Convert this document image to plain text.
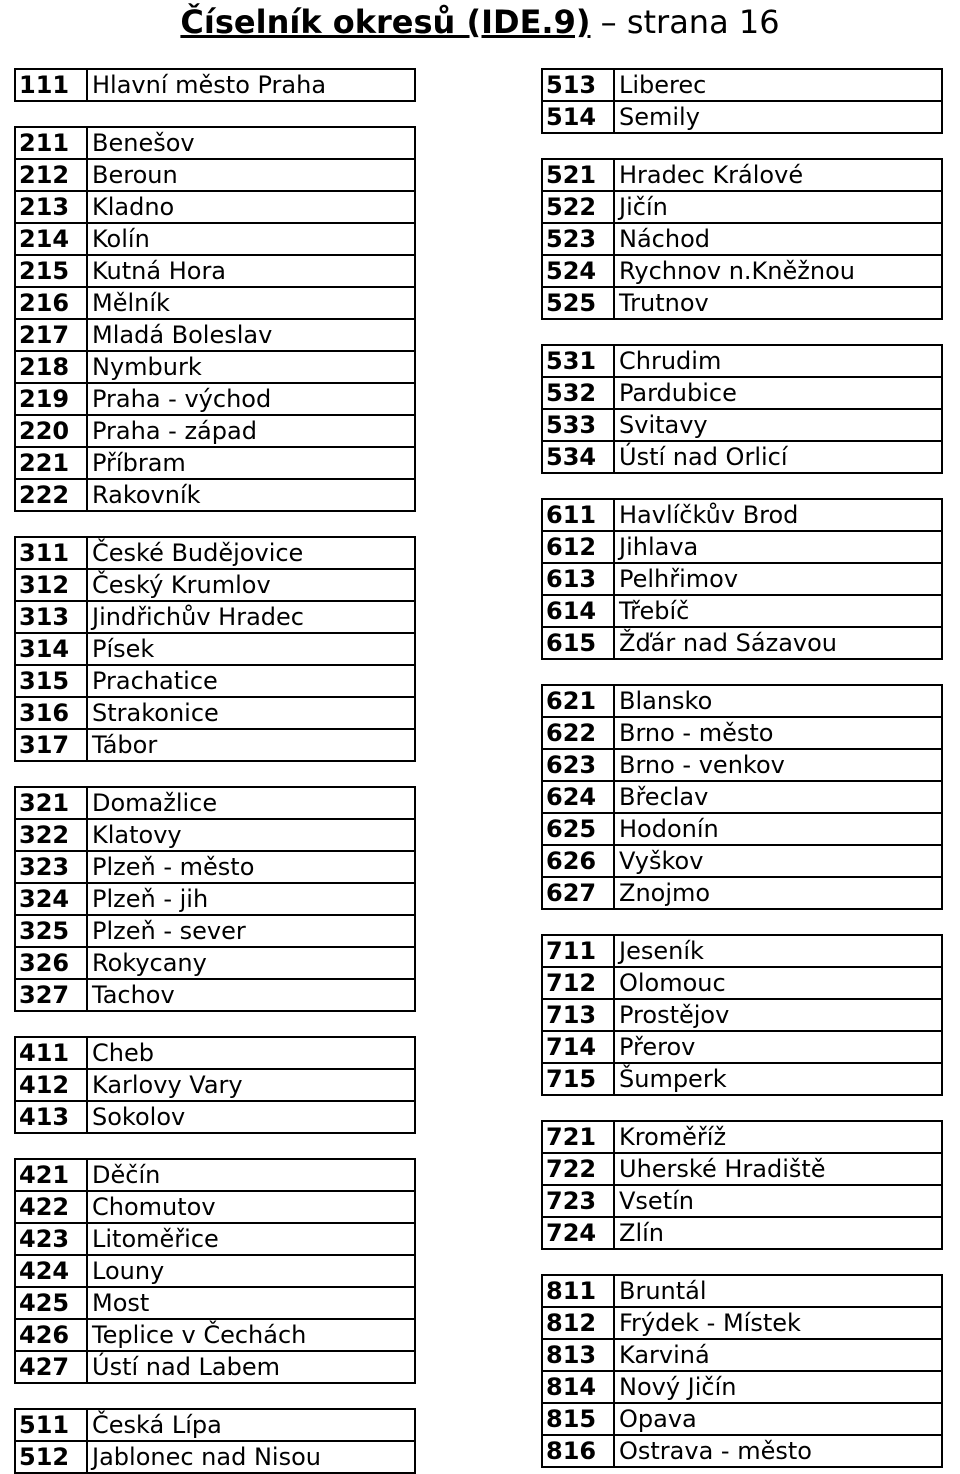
Číselník okresů (IDE.9) – strana 16
111 Hlavní město Praha
211 Benešov
212 Beroun
213 Kladno
214 Kolín
215 Kutná Hora
216 Mělník
217 Mladá Boleslav
218 Nymburk
219 Praha - východ
220 Praha - západ
221 Příbram
222 Rakovník
311 České Budějovice
312 Český Krumlov
313 Jindřichův Hradec
314 Písek
315 Prachatice
316 Strakonice
317 Tábor
321 Domažlice
322 Klatovy
323 Plzeň - město
324 Plzeň - jih
325 Plzeň - sever
326 Rokycany
327 Tachov
411 Cheb
412 Karlovy Vary
413 Sokolov
421 Děčín
422 Chomutov
423 Litoměřice
424 Louny
425 Most
426 Teplice v Čechách
427 Ústí nad Labem
511 Česká Lípa
512 Jablonec nad Nisou
513 Liberec
514 Semily
521 Hradec Králové
522 Jičín
523 Náchod
524 Rychnov n.Kněžnou
525 Trutnov
531 Chrudim
532 Pardubice
533 Svitavy
534 Ústí nad Orlicí
611 Havlíčkův Brod
612 Jihlava
613 Pelhřimov
614 Třebíč
615 Žďár nad Sázavou
621 Blansko
622 Brno - město
623 Brno - venkov
624 Břeclav
625 Hodonín
626 Vyškov
627 Znojmo
711 Jeseník
712 Olomouc
713 Prostějov
714 Přerov
715 Šumperk
721 Kroměříž
722 Uherské Hradiště
723 Vsetín
724 Zlín
811 Bruntál
812 Frýdek - Místek
813 Karviná
814 Nový Jičín
815 Opava
816 Ostrava - město
